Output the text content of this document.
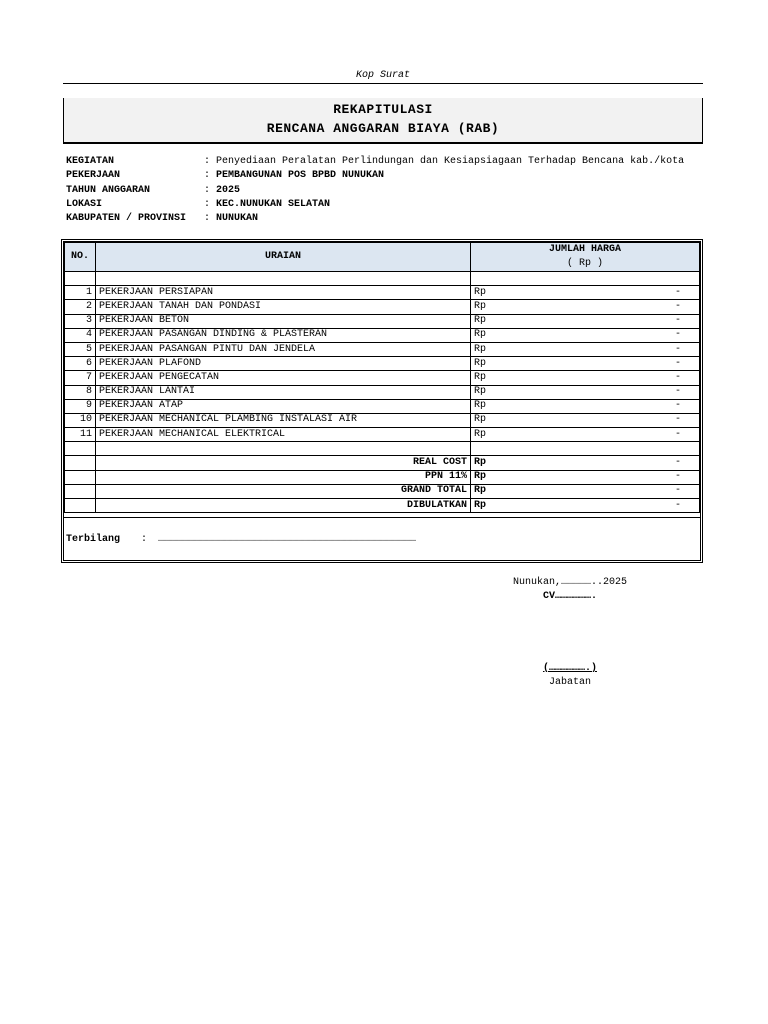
Kop Surat
REKAPITULASI
RENCANA ANGGARAN BIAYA (RAB)
KEGIATAN	: Penyediaan Peralatan Perlindungan dan Kesiapsiagaan Terhadap Bencana kab./kota
PEKERJAAN	: PEMBANGUNAN POS BPBD NUNUKAN
TAHUN ANGGARAN	: 2025
LOKASI	: KEC.NUNUKAN SELATAN
KABUPATEN / PROVINSI	: NUNUKAN
NO.	URAIAN	JUMLAH HARGA	
		( Rp )	

1	PEKERJAAN PERSIAPAN	Rp	-
2	PEKERJAAN TANAH DAN PONDASI	Rp	-
3	PEKERJAAN BETON	Rp	-
4	PEKERJAAN PASANGAN DINDING & PLASTERAN	Rp	-
5	PEKERJAAN PASANGAN PINTU DAN JENDELA	Rp	-
6	PEKERJAAN PLAFOND	Rp	-
7	PEKERJAAN PENGECATAN	Rp	-
8	PEKERJAAN LANTAI	Rp	-
9	PEKERJAAN ATAP	Rp	-
10	PEKERJAAN MECHANICAL PLAMBING INSTALASI AIR	Rp	-
11	PEKERJAAN MECHANICAL ELEKTRICAL	Rp	-

	REAL COST	Rp	-
	PPN 11%	Rp	-
	GRAND TOTAL	Rp	-
	DIBULATKAN	Rp	-
Terbilang : …………………………………………………………………………………………………………………
Nunukan,……………..2025
CV……………….
(……………….)
Jabatan
